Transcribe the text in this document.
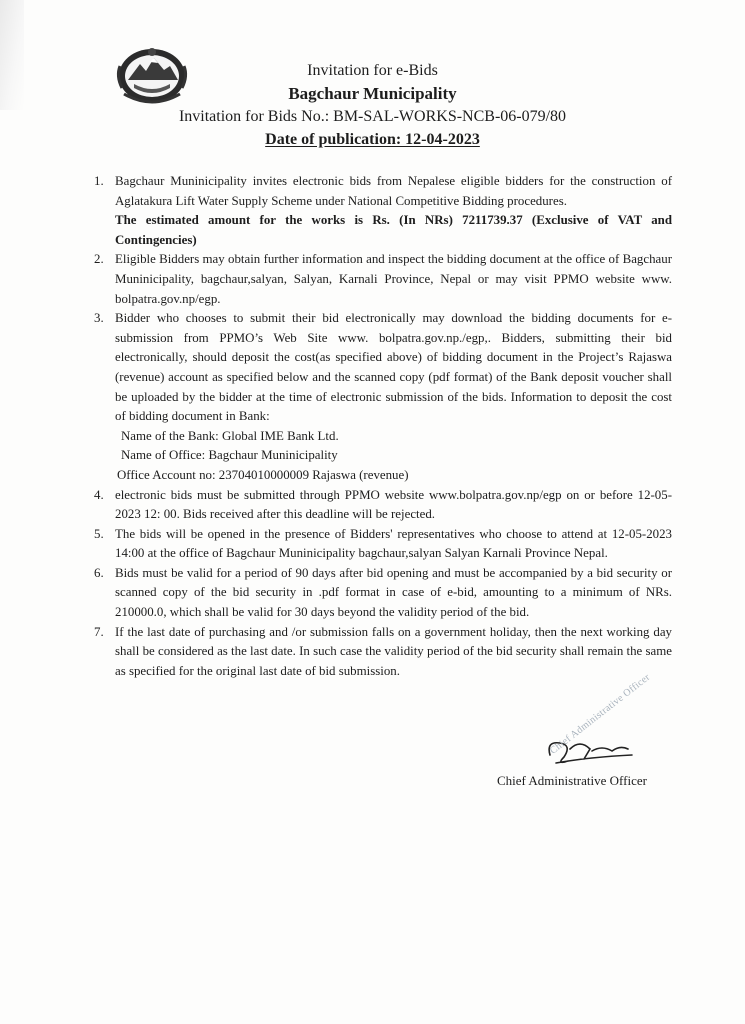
Invitation for e-Bids
Bagchaur Municipality
Invitation for Bids No.: BM-SAL-WORKS-NCB-06-079/80
Date of publication: 12-04-2023
1. Bagchaur Muninicipality invites electronic bids from Nepalese eligible bidders for the construction of Aglatakura Lift Water Supply Scheme under National Competitive Bidding procedures.
The estimated amount for the works is Rs. (In NRs) 7211739.37 (Exclusive of VAT and Contingencies)
2. Eligible Bidders may obtain further information and inspect the bidding document at the office of Bagchaur Muninicipality, bagchaur,salyan, Salyan, Karnali Province, Nepal or may visit PPMO website www. bolpatra.gov.np/egp.
3. Bidder who chooses to submit their bid electronically may download the bidding documents for e-submission from PPMO’s Web Site www. bolpatra.gov.np./egp,. Bidders, submitting their bid electronically, should deposit the cost(as specified above) of bidding document in the Project’s Rajaswa (revenue) account as specified below and the scanned copy (pdf format) of the Bank deposit voucher shall be uploaded by the bidder at the time of electronic submission of the bids. Information to deposit the cost of bidding document in Bank:
Name of the Bank: Global IME Bank Ltd.
Name of Office: Bagchaur Muninicipality
Office Account no: 23704010000009 Rajaswa (revenue)
4. electronic bids must be submitted through PPMO website www.bolpatra.gov.np/egp on or before 12-05-2023 12: 00. Bids received after this deadline will be rejected.
5. The bids will be opened in the presence of Bidders' representatives who choose to attend at 12-05-2023 14:00 at the office of Bagchaur Muninicipality bagchaur,salyan Salyan Karnali Province Nepal.
6. Bids must be valid for a period of 90 days after bid opening and must be accompanied by a bid security or scanned copy of the bid security in .pdf format in case of e-bid, amounting to a minimum of NRs. 210000.0, which shall be valid for 30 days beyond the validity period of the bid.
7. If the last date of purchasing and /or submission falls on a government holiday, then the next working day shall be considered as the last date. In such case the validity period of the bid security shall remain the same as specified for the original last date of bid submission.
Chief Administrative Officer
Chief Administrative Officer
